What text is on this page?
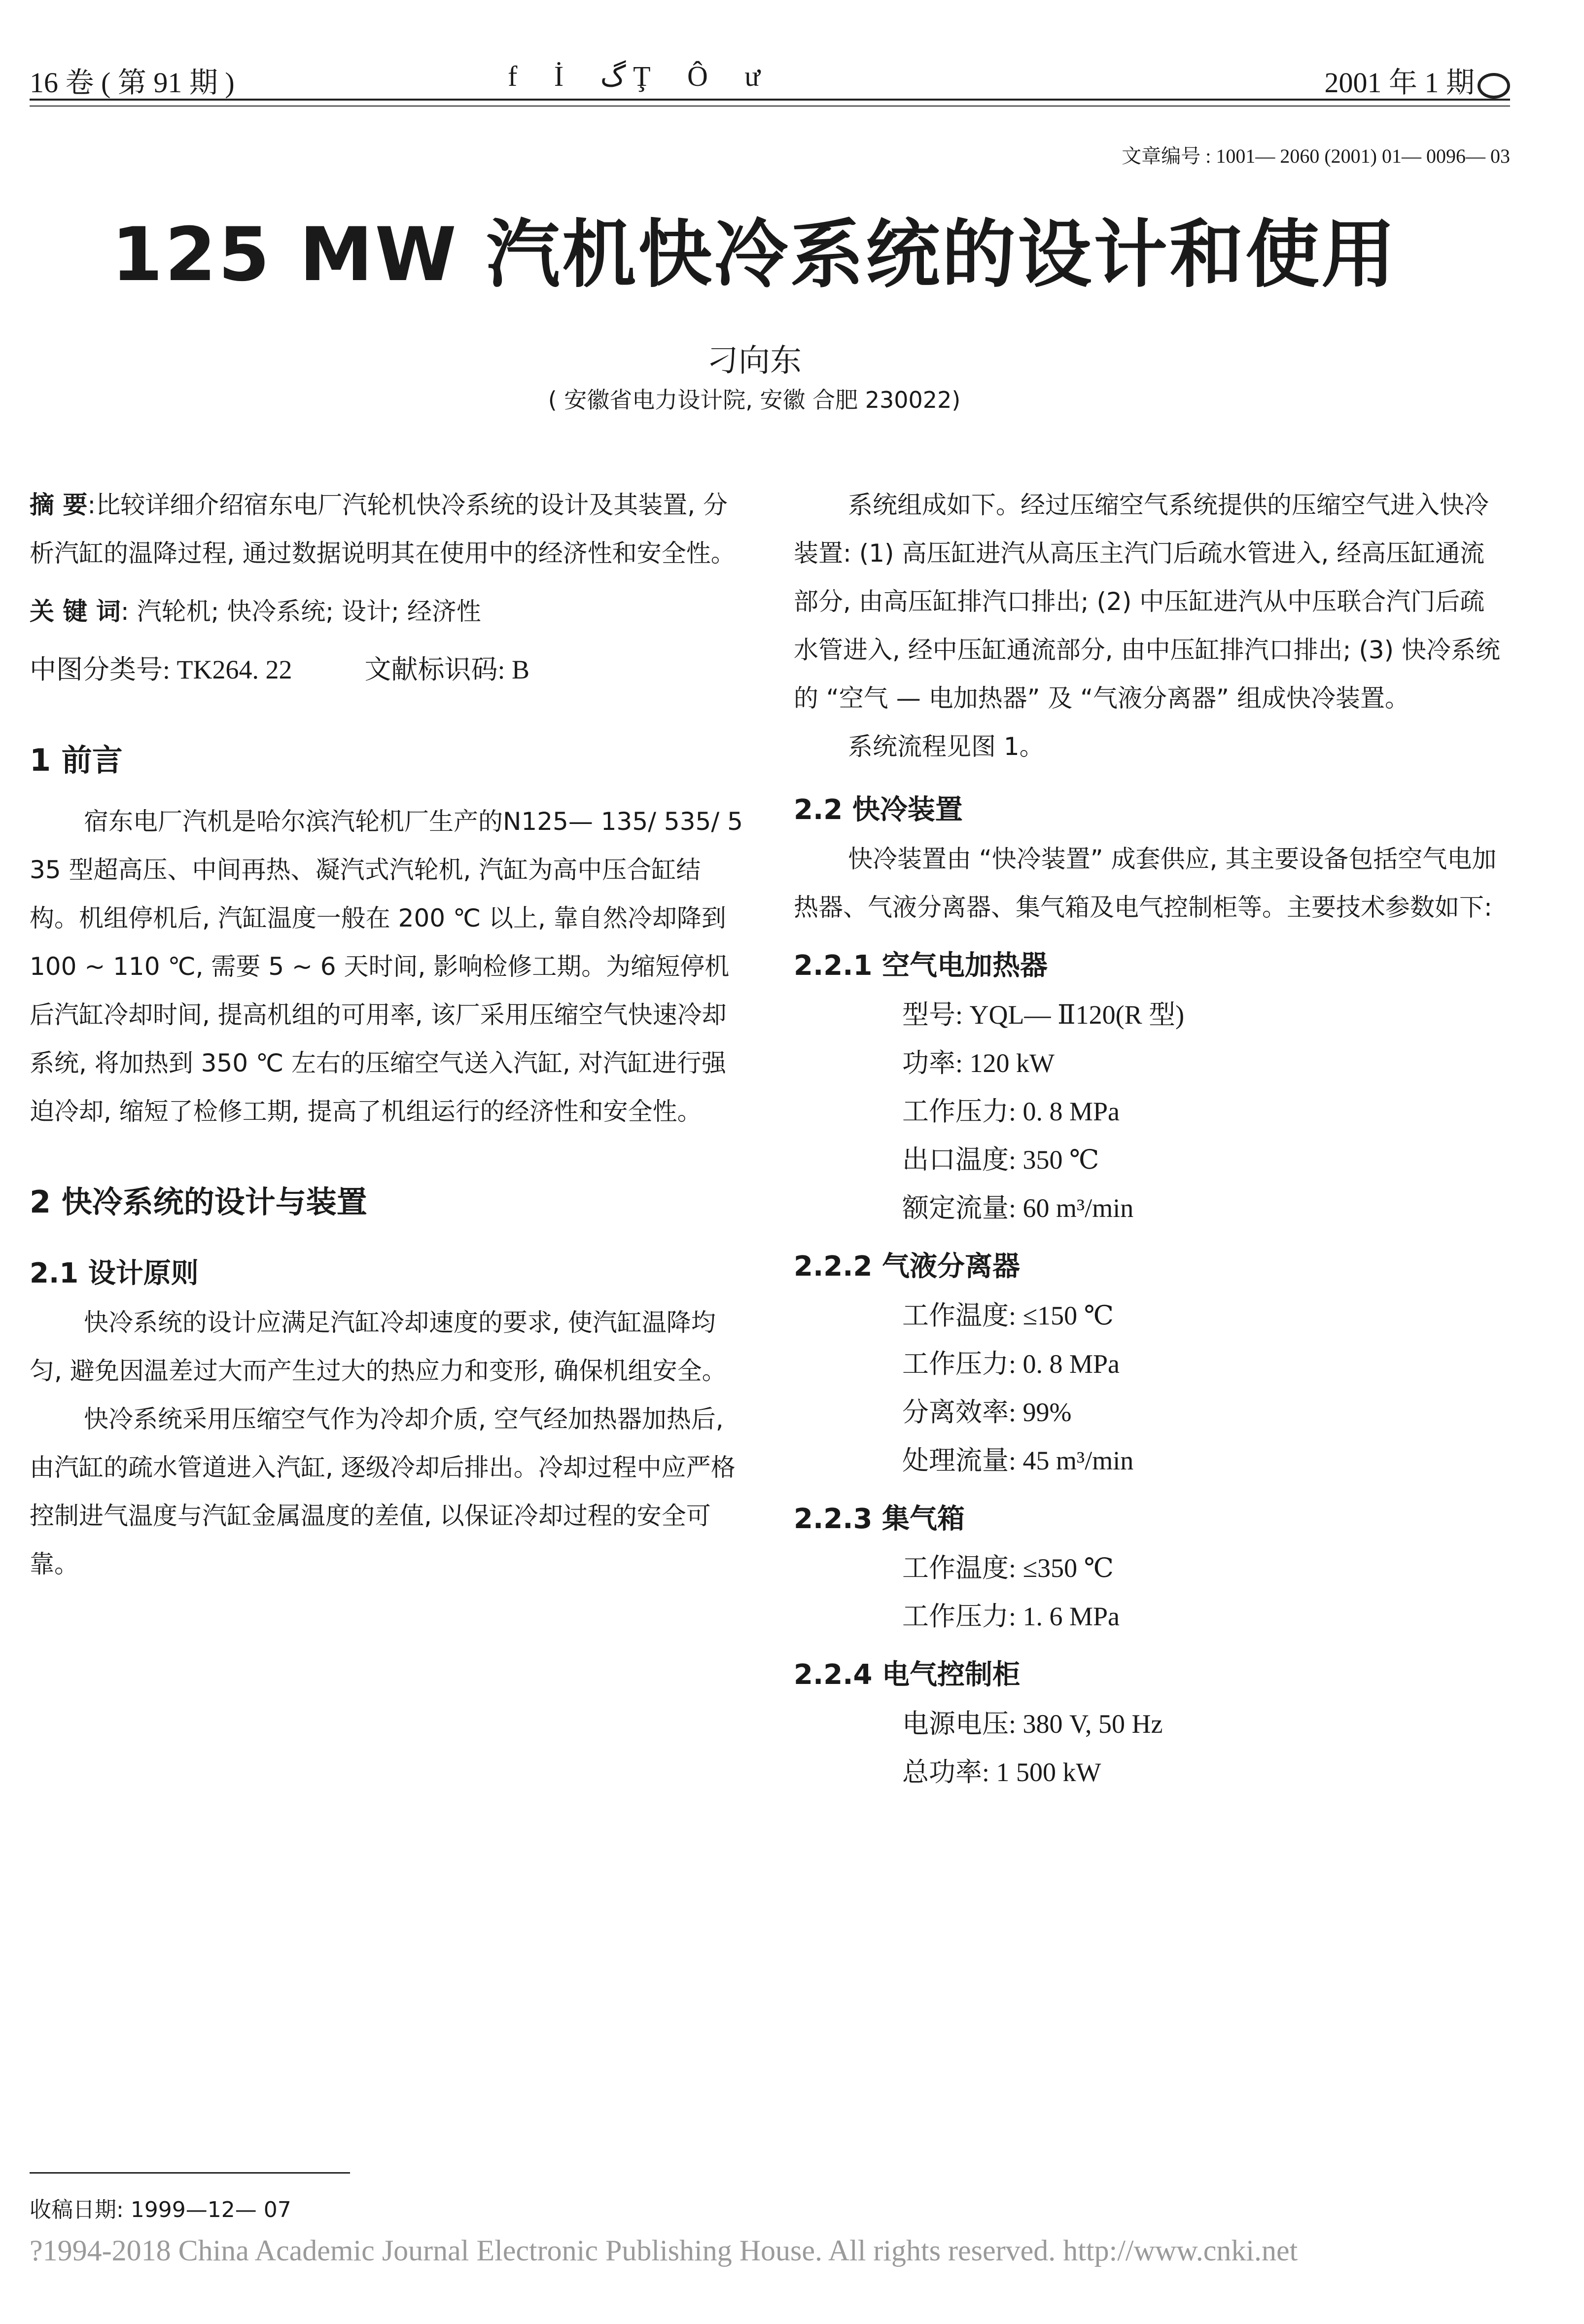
16 卷 ( 第 91 期 )	f İ گ Ţ Ô ư	2001 年 1 期
文章编号 : 1001— 2060 (2001) 01— 0096— 03
125 MW 汽机快冷系统的设计和使用
刁向东
( 安徽省电力设计院, 安徽 合肥 230022)

摘 要:比较详细介绍宿东电厂汽轮机快冷系统的设计及其装置, 分析汽缸的温降过程, 通过数据说明其在使用中的经济性和安全性。

关 键 词: 汽轮机; 快冷系统; 设计; 经济性

中图分类号: TK264. 22	文献标识码: B

1 前言

宿东电厂汽机是哈尔滨汽轮机厂生产的N125— 135/ 535/ 535 型超高压、中间再热、凝汽式汽轮机, 汽缸为高中压合缸结构。机组停机后, 汽缸温度一般在 200 ℃ 以上, 靠自然冷却降到 100 ~ 110 ℃, 需要 5 ~ 6 天时间, 影响检修工期。为缩短停机后汽缸冷却时间, 提高机组的可用率, 该厂采用压缩空气快速冷却系统, 将加热到 350 ℃ 左右的压缩空气送入汽缸, 对汽缸进行强迫冷却, 缩短了检修工期, 提高了机组运行的经济性和安全性。

2 快冷系统的设计与装置
2.1 设计原则

快冷系统的设计应满足汽缸冷却速度的要求, 使汽缸温降均匀, 避免因温差过大而产生过大的热应力和变形, 确保机组安全。

快冷系统采用压缩空气作为冷却介质, 空气经加热器加热后, 由汽缸的疏水管道进入汽缸, 逐级冷却后排出。冷却过程中应严格控制进气温度与汽缸金属温度的差值, 以保证冷却过程的安全可靠。

系统组成如下。经过压缩空气系统提供的压缩空气进入快冷装置: (1) 高压缸进汽从高压主汽门后疏水管进入, 经高压缸通流部分, 由高压缸排汽口排出; (2) 中压缸进汽从中压联合汽门后疏水管进入, 经中压缸通流部分, 由中压缸排汽口排出; (3) 快冷系统的 “空气 — 电加热器” 及 “气液分离器” 组成快冷装置。

系统流程见图 1。

2.2 快冷装置

快冷装置由 “快冷装置” 成套供应, 其主要设备包括空气电加热器、气液分离器、集气箱及电气控制柜等。主要技术参数如下:

2.2.1 空气电加热器
型号: YQL— Ⅱ120(R 型)
功率: 120 kW
工作压力: 0. 8 MPa
出口温度: 350 ℃
额定流量: 60 m³/min
2.2.2 气液分离器
工作温度: ≤150 ℃
工作压力: 0. 8 MPa
分离效率: 99%
处理流量: 45 m³/min
2.2.3 集气箱
工作温度: ≤350 ℃
工作压力: 1. 6 MPa
2.2.4 电气控制柜
电源电压: 380 V, 50 Hz
总功率: 1 500 kW
收稿日期: 1999—12— 07
?1994-2018 China Academic Journal Electronic Publishing House. All rights reserved. http://www.cnki.net
